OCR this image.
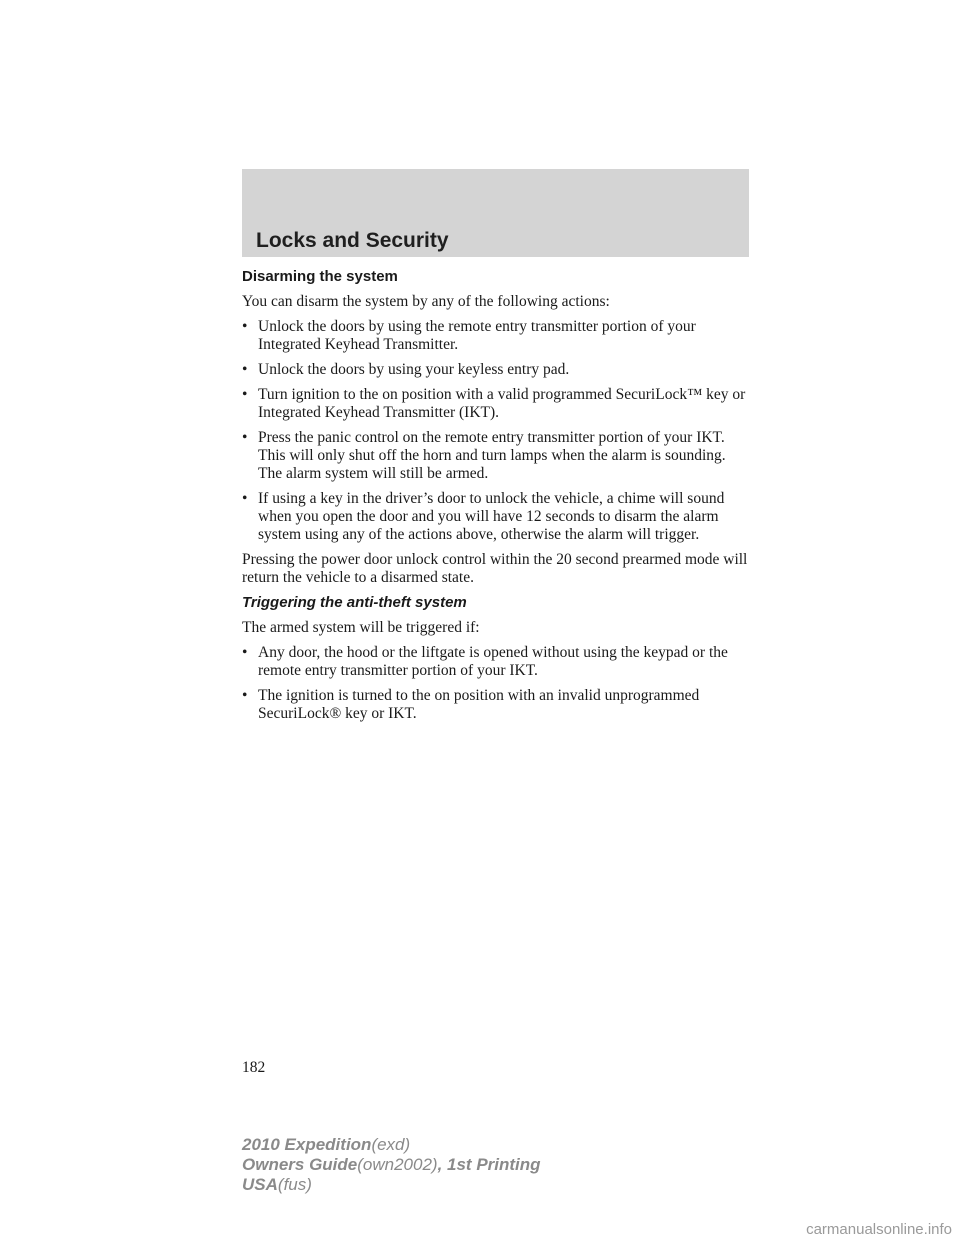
Locks and Security
Disarming the system

You can disarm the system by any of the following actions:

• Unlock the doors by using the remote entry transmitter portion of your Integrated Keyhead Transmitter.
• Unlock the doors by using your keyless entry pad.
• Turn ignition to the on position with a valid programmed SecuriLock™ key or Integrated Keyhead Transmitter (IKT).
• Press the panic control on the remote entry transmitter portion of your IKT. This will only shut off the horn and turn lamps when the alarm is sounding. The alarm system will still be armed.
• If using a key in the driver’s door to unlock the vehicle, a chime will sound when you open the door and you will have 12 seconds to disarm the alarm system using any of the actions above, otherwise the alarm will trigger.

Pressing the power door unlock control within the 20 second prearmed mode will return the vehicle to a disarmed state.

Triggering the anti-theft system

The armed system will be triggered if:

• Any door, the hood or the liftgate is opened without using the keypad or the remote entry transmitter portion of your IKT.
• The ignition is turned to the on position with an invalid unprogrammed SecuriLock® key or IKT.
182
2010 Expedition(exd)
Owners Guide(own2002), 1st Printing
USA(fus)
carmanualsonline.info
